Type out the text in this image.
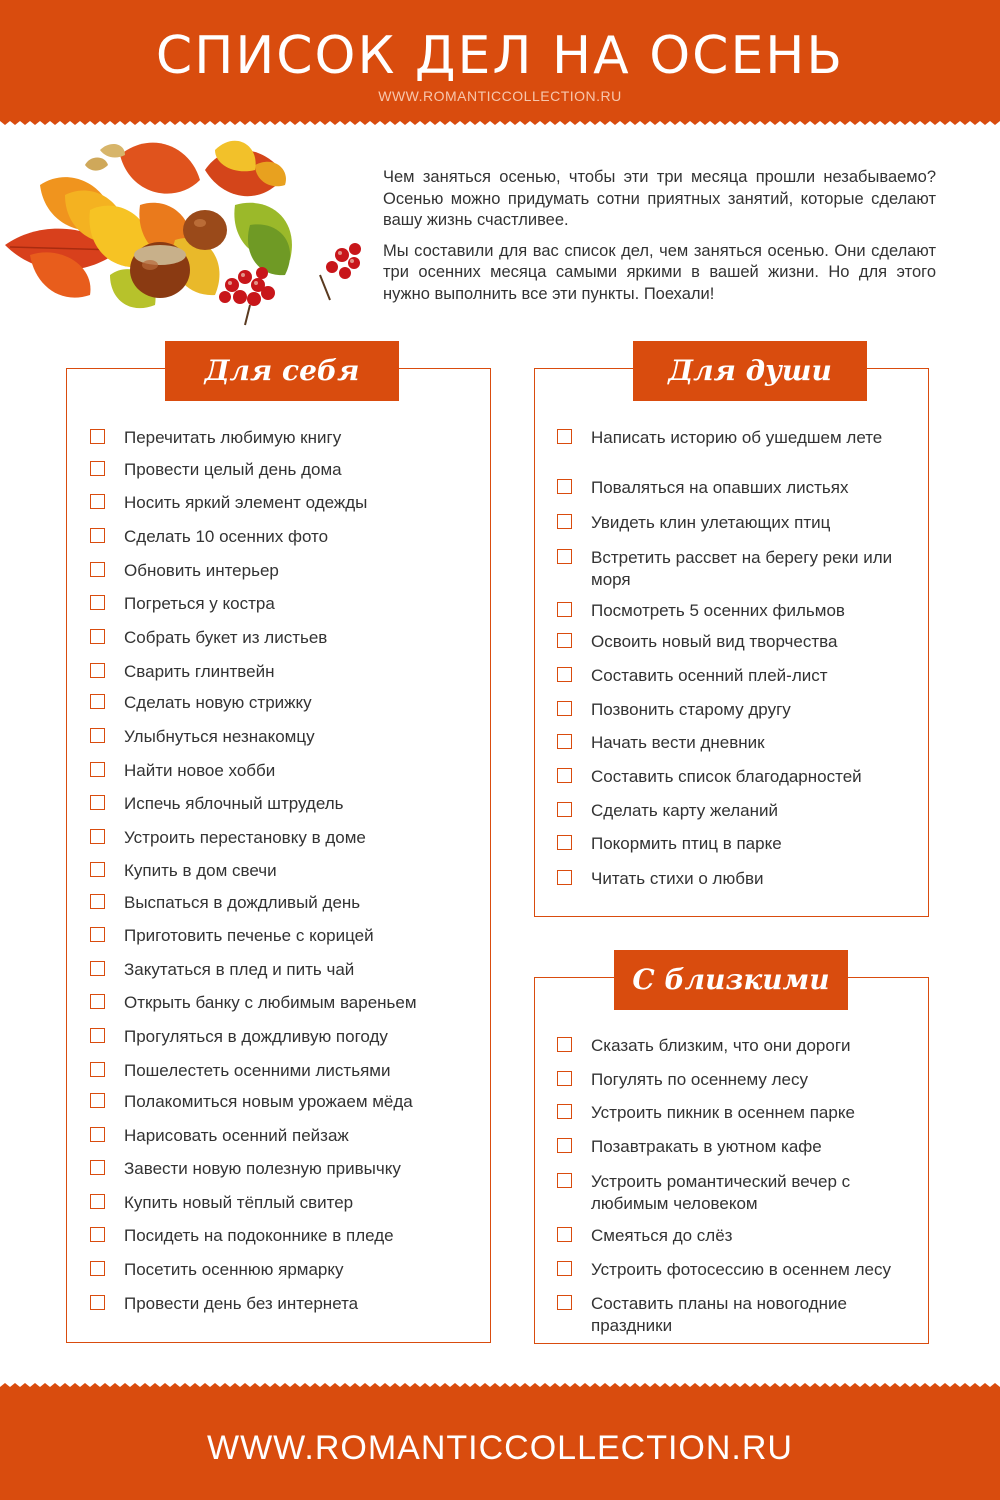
СПИСОК ДЕЛ НА ОСЕНЬ
WWW.ROMANTICCOLLECTION.RU

Чем заняться осенью, чтобы эти три месяца прошли незабываемо? Осенью можно придумать сотни приятных занятий, которые сделают вашу жизнь счастливее.

Мы составили для вас список дел, чем заняться осенью. Они сделают три осенних месяца самыми яркими в вашей жизни. Но для этого нужно выполнить все эти пункты. Поехали!

Для себя
Перечитать любимую книгу
Провести целый день дома
Носить яркий элемент одежды
Сделать 10 осенних фото
Обновить интерьер
Погреться у костра
Собрать букет из листьев
Сварить глинтвейн
Сделать новую стрижку
Улыбнуться незнакомцу
Найти новое хобби
Испечь яблочный штрудель
Устроить перестановку в доме
Купить в дом свечи
Выспаться в дождливый день
Приготовить печенье с корицей
Закутаться в плед и пить чай
Открыть банку с любимым вареньем
Прогуляться в дождливую погоду
Пошелестеть осенними листьями
Полакомиться новым урожаем мёда
Нарисовать осенний пейзаж
Завести новую полезную привычку
Купить новый тёплый свитер
Посидеть на подоконнике в пледе
Посетить осеннюю ярмарку
Провести день без интернета
Для души
Написать историю об ушедшем лете
Поваляться на опавших листьях
Увидеть клин улетающих птиц
Встретить рассвет на берегу реки или моря
Посмотреть 5 осенних фильмов
Освоить новый вид творчества
Составить осенний плей-лист
Позвонить старому другу
Начать вести дневник
Составить список благодарностей
Сделать карту желаний
Покормить птиц в парке
Читать стихи о любви
С близкими
Сказать близким, что они дороги
Погулять по осеннему лесу
Устроить пикник в осеннем парке
Позавтракать в уютном кафе
Устроить романтический вечер с любимым человеком
Смеяться до слёз
Устроить фотосессию в осеннем лесу
Составить планы на новогодние праздники
WWW.ROMANTICCOLLECTION.RU
